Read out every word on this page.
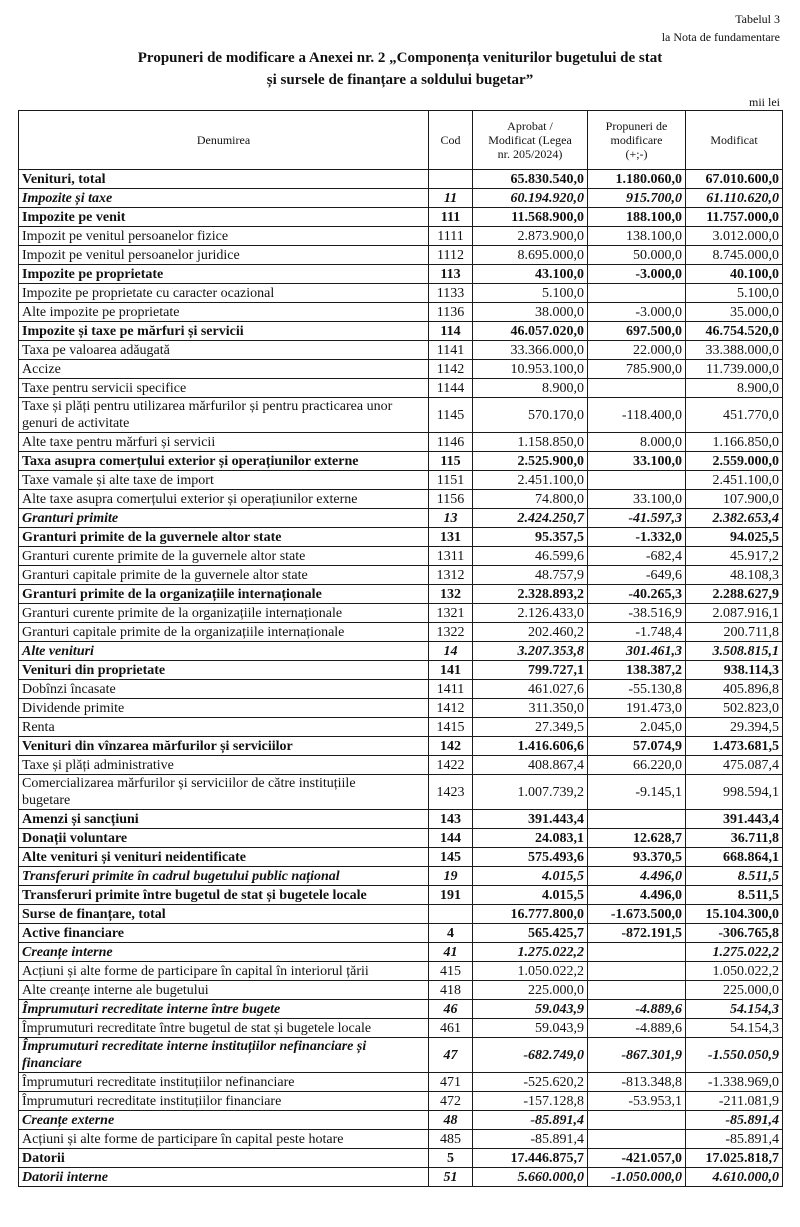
Tabelul 3
la Nota de fundamentare
Propuneri de modificare a Anexei nr. 2 „Componența veniturilor bugetului de stat
și sursele de finanțare a soldului bugetar”
mii lei
Denumirea	Cod	Aprobat / Modificat (Legea nr. 205/2024)	Propuneri de modificare (+;-)	Modificat
Venituri, total		65.830.540,0	1.180.060,0	67.010.600,0
Impozite și taxe	11	60.194.920,0	915.700,0	61.110.620,0
Impozite pe venit	111	11.568.900,0	188.100,0	11.757.000,0
Impozit pe venitul persoanelor fizice	1111	2.873.900,0	138.100,0	3.012.000,0
Impozit pe venitul persoanelor juridice	1112	8.695.000,0	50.000,0	8.745.000,0
Impozite pe proprietate	113	43.100,0	-3.000,0	40.100,0
Impozite pe proprietate cu caracter ocazional	1133	5.100,0		5.100,0
Alte impozite pe proprietate	1136	38.000,0	-3.000,0	35.000,0
Impozite și taxe pe mărfuri și servicii	114	46.057.020,0	697.500,0	46.754.520,0
Taxa pe valoarea adăugată	1141	33.366.000,0	22.000,0	33.388.000,0
Accize	1142	10.953.100,0	785.900,0	11.739.000,0
Taxe pentru servicii specifice	1144	8.900,0		8.900,0
Taxe și plăți pentru utilizarea mărfurilor și pentru practicarea unor genuri de activitate	1145	570.170,0	-118.400,0	451.770,0
Alte taxe pentru mărfuri și servicii	1146	1.158.850,0	8.000,0	1.166.850,0
Taxa asupra comerțului exterior și operațiunilor externe	115	2.525.900,0	33.100,0	2.559.000,0
Taxe vamale și alte taxe de import	1151	2.451.100,0		2.451.100,0
Alte taxe asupra comerțului exterior și operațiunilor externe	1156	74.800,0	33.100,0	107.900,0
Granturi primite	13	2.424.250,7	-41.597,3	2.382.653,4
Granturi primite de la guvernele altor state	131	95.357,5	-1.332,0	94.025,5
Granturi curente primite de la guvernele altor state	1311	46.599,6	-682,4	45.917,2
Granturi capitale primite de la guvernele altor state	1312	48.757,9	-649,6	48.108,3
Granturi primite de la organizațiile internaționale	132	2.328.893,2	-40.265,3	2.288.627,9
Granturi curente primite de la organizațiile internaționale	1321	2.126.433,0	-38.516,9	2.087.916,1
Granturi capitale primite de la organizațiile internaționale	1322	202.460,2	-1.748,4	200.711,8
Alte venituri	14	3.207.353,8	301.461,3	3.508.815,1
Venituri din proprietate	141	799.727,1	138.387,2	938.114,3
Dobînzi încasate	1411	461.027,6	-55.130,8	405.896,8
Dividende primite	1412	311.350,0	191.473,0	502.823,0
Renta	1415	27.349,5	2.045,0	29.394,5
Venituri din vînzarea mărfurilor și serviciilor	142	1.416.606,6	57.074,9	1.473.681,5
Taxe și plăți administrative	1422	408.867,4	66.220,0	475.087,4
Comercializarea mărfurilor și serviciilor de către instituțiile bugetare	1423	1.007.739,2	-9.145,1	998.594,1
Amenzi și sancțiuni	143	391.443,4		391.443,4
Donații voluntare	144	24.083,1	12.628,7	36.711,8
Alte venituri și venituri neidentificate	145	575.493,6	93.370,5	668.864,1
Transferuri primite în cadrul bugetului public național	19	4.015,5	4.496,0	8.511,5
Transferuri primite între bugetul de stat și bugetele locale	191	4.015,5	4.496,0	8.511,5
Surse de finanțare, total		16.777.800,0	-1.673.500,0	15.104.300,0
Active financiare	4	565.425,7	-872.191,5	-306.765,8
Creanțe interne	41	1.275.022,2		1.275.022,2
Acțiuni și alte forme de participare în capital în interiorul țării	415	1.050.022,2		1.050.022,2
Alte creanțe interne ale bugetului	418	225.000,0		225.000,0
Împrumuturi recreditate interne între bugete	46	59.043,9	-4.889,6	54.154,3
Împrumuturi recreditate între bugetul de stat și bugetele locale	461	59.043,9	-4.889,6	54.154,3
Împrumuturi recreditate interne instituțiilor nefinanciare și financiare	47	-682.749,0	-867.301,9	-1.550.050,9
Împrumuturi recreditate instituțiilor nefinanciare	471	-525.620,2	-813.348,8	-1.338.969,0
Împrumuturi recreditate instituțiilor financiare	472	-157.128,8	-53.953,1	-211.081,9
Creanțe externe	48	-85.891,4		-85.891,4
Acțiuni și alte forme de participare în capital peste hotare	485	-85.891,4		-85.891,4
Datorii	5	17.446.875,7	-421.057,0	17.025.818,7
Datorii interne	51	5.660.000,0	-1.050.000,0	4.610.000,0
